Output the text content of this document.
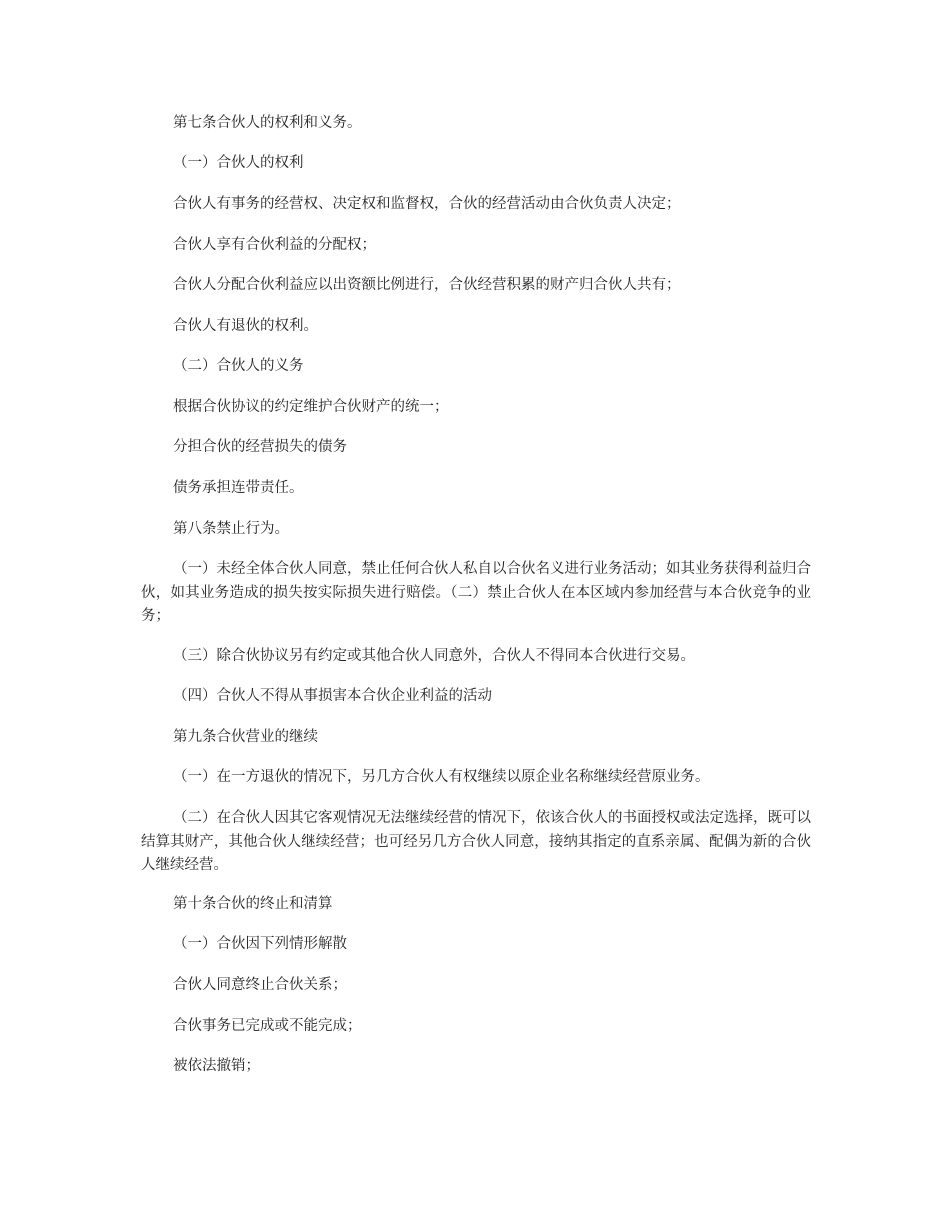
第七条合伙人的权利和义务。

（一）合伙人的权利

合伙人有事务的经营权、决定权和监督权，合伙的经营活动由合伙负责人决定；

合伙人享有合伙利益的分配权；

合伙人分配合伙利益应以出资额比例进行，合伙经营积累的财产归合伙人共有；

合伙人有退伙的权利。

（二）合伙人的义务

根据合伙协议的约定维护合伙财产的统一；

分担合伙的经营损失的债务

债务承担连带责任。

第八条禁止行为。

（一）未经全体合伙人同意，禁止任何合伙人私自以合伙名义进行业务活动；如其业务获得利益归合伙，如其业务造成的损失按实际损失进行赔偿。（二）禁止合伙人在本区域内参加经营与本合伙竞争的业务；

（三）除合伙协议另有约定或其他合伙人同意外，合伙人不得同本合伙进行交易。

（四）合伙人不得从事损害本合伙企业利益的活动

第九条合伙营业的继续

（一）在一方退伙的情况下，另几方合伙人有权继续以原企业名称继续经营原业务。

（二）在合伙人因其它客观情况无法继续经营的情况下，依该合伙人的书面授权或法定选择，既可以结算其财产，其他合伙人继续经营；也可经另几方合伙人同意，接纳其指定的直系亲属、配偶为新的合伙人继续经营。

第十条合伙的终止和清算

（一）合伙因下列情形解散

合伙人同意终止合伙关系；

合伙事务已完成或不能完成；

被依法撤销；
